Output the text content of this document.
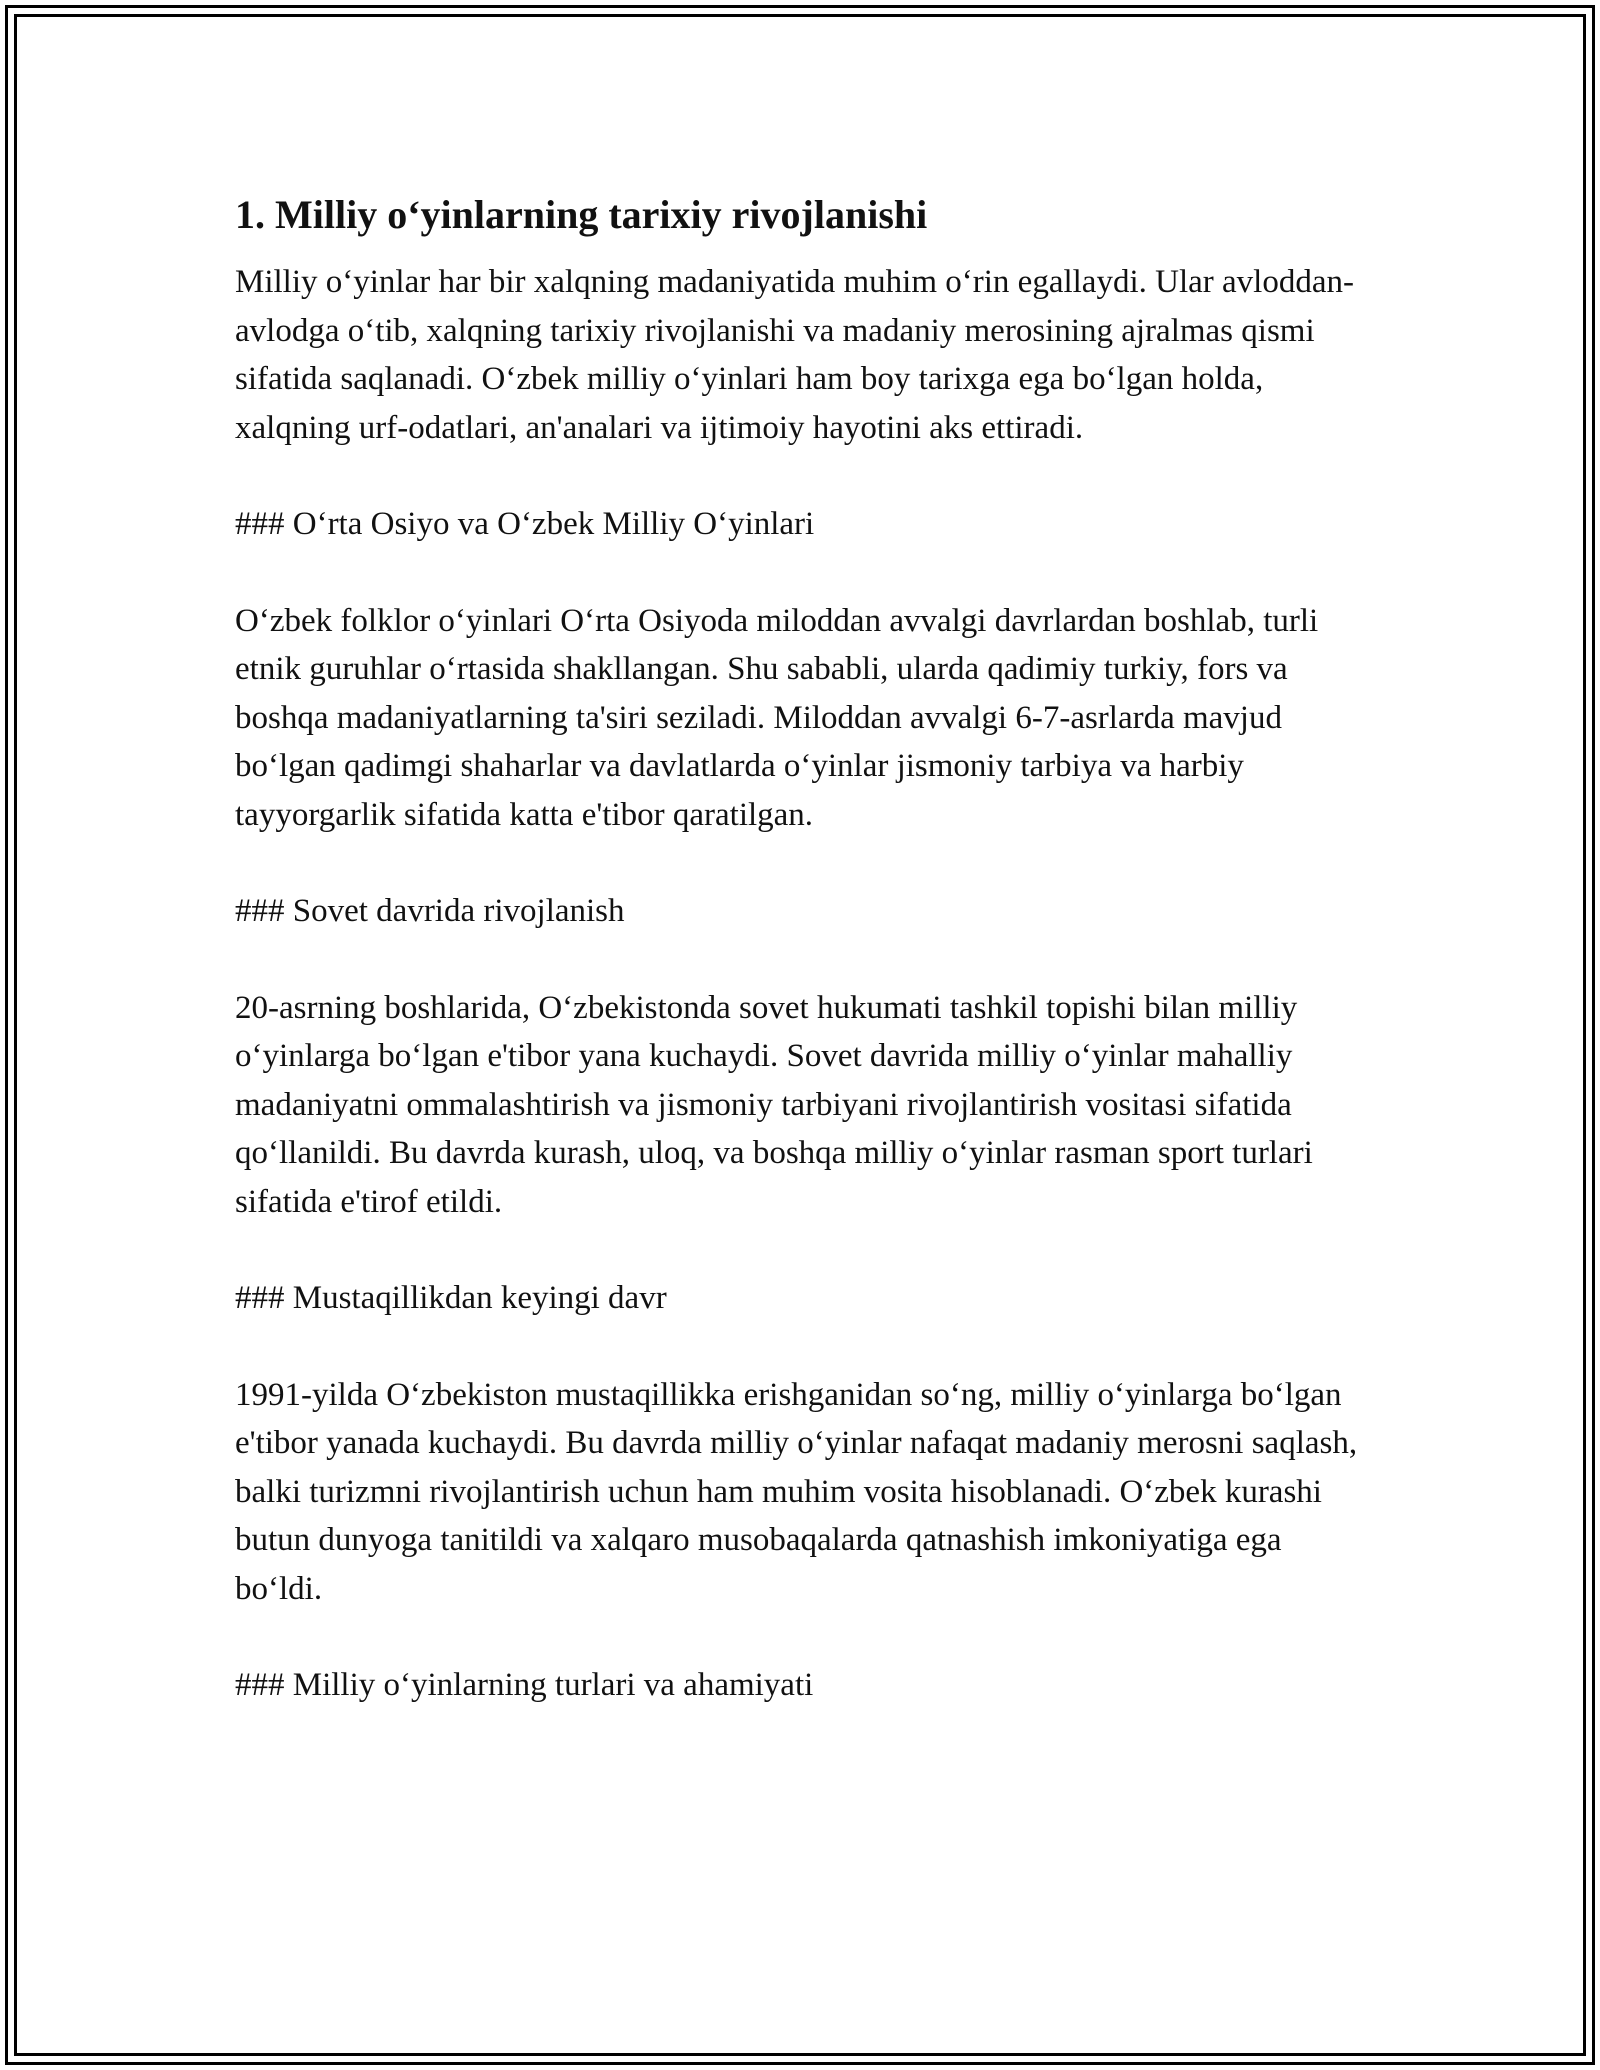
1. Milliy o‘yinlarning tarixiy rivojlanishi

Milliy o‘yinlar har bir xalqning madaniyatida muhim o‘rin egallaydi. Ular avloddan-avlodga o‘tib, xalqning tarixiy rivojlanishi va madaniy merosining ajralmas qismi sifatida saqlanadi. O‘zbek milliy o‘yinlari ham boy tarixga ega bo‘lgan holda, xalqning urf-odatlari, an'analari va ijtimoiy hayotini aks ettiradi.

### O‘rta Osiyo va O‘zbek Milliy O‘yinlari

O‘zbek folklor o‘yinlari O‘rta Osiyoda miloddan avvalgi davrlardan boshlab, turli etnik guruhlar o‘rtasida shakllangan. Shu sababli, ularda qadimiy turkiy, fors va boshqa madaniyatlarning ta'siri seziladi. Miloddan avvalgi 6-7-asrlarda mavjud bo‘lgan qadimgi shaharlar va davlatlarda o‘yinlar jismoniy tarbiya va harbiy tayyorgarlik sifatida katta e'tibor qaratilgan.

### Sovet davrida rivojlanish

20-asrning boshlarida, O‘zbekistonda sovet hukumati tashkil topishi bilan milliy o‘yinlarga bo‘lgan e'tibor yana kuchaydi. Sovet davrida milliy o‘yinlar mahalliy madaniyatni ommalashtirish va jismoniy tarbiyani rivojlantirish vositasi sifatida qo‘llanildi. Bu davrda kurash, uloq, va boshqa milliy o‘yinlar rasman sport turlari sifatida e'tirof etildi.

### Mustaqillikdan keyingi davr

1991-yilda O‘zbekiston mustaqillikka erishganidan so‘ng, milliy o‘yinlarga bo‘lgan e'tibor yanada kuchaydi. Bu davrda milliy o‘yinlar nafaqat madaniy merosni saqlash, balki turizmni rivojlantirish uchun ham muhim vosita hisoblanadi. O‘zbek kurashi butun dunyoga tanitildi va xalqaro musobaqalarda qatnashish imkoniyatiga ega bo‘ldi.

### Milliy o‘yinlarning turlari va ahamiyati
